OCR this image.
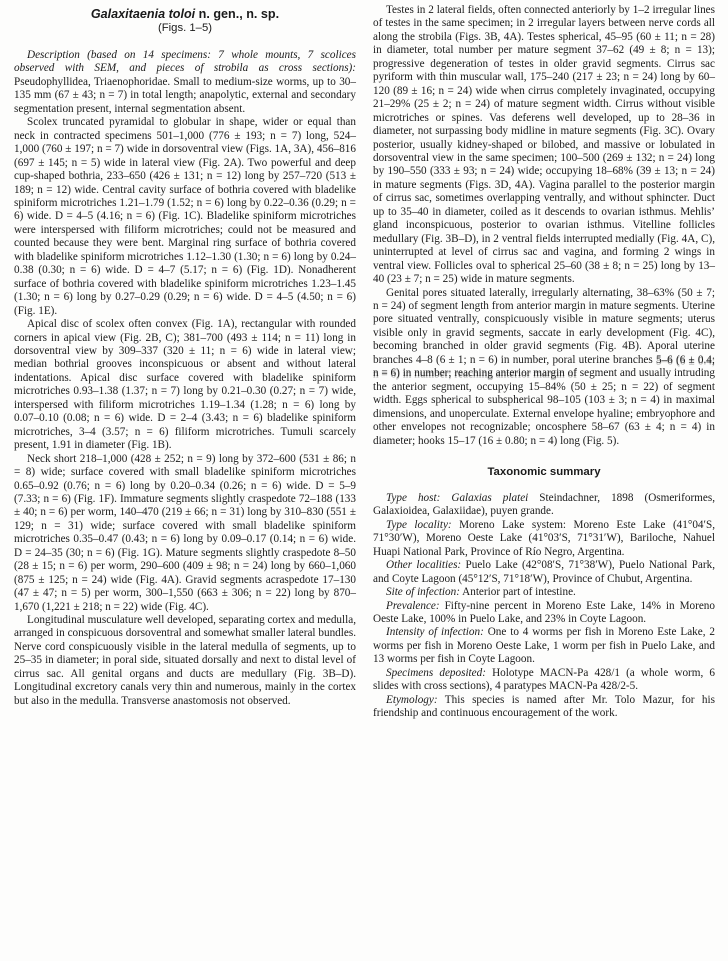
Galaxitaenia toloi n. gen., n. sp.
(Figs. 1–5)

Description (based on 14 specimens: 7 whole mounts, 7 scolices observed with SEM, and pieces of strobila as cross sections): Pseudophyllidea, Triaenophoridae. Small to medium-size worms, up to 30–135 mm (67 ± 43; n = 7) in total length; anapolytic, external and secondary segmentation present, internal segmentation absent.

Scolex truncated pyramidal to globular in shape, wider or equal than neck in contracted specimens 501–1,000 (776 ± 193; n = 7) long, 524–1,000 (760 ± 197; n = 7) wide in dorsoventral view (Figs. 1A, 3A), 456–816 (697 ± 145; n = 5) wide in lateral view (Fig. 2A). Two powerful and deep cup-shaped bothria, 233–650 (426 ± 131; n = 12) long by 257–720 (513 ± 189; n = 12) wide. Central cavity surface of bothria covered with bladelike spiniform microtriches 1.21–1.79 (1.52; n = 6) long by 0.22–0.36 (0.29; n = 6) wide. D = 4–5 (4.16; n = 6) (Fig. 1C). Bladelike spiniform microtriches were interspersed with filiform microtriches; could not be measured and counted because they were bent. Marginal ring surface of bothria covered with bladelike spiniform microtriches 1.12–1.30 (1.30; n = 6) long by 0.24–0.38 (0.30; n = 6) wide. D = 4–7 (5.17; n = 6) (Fig. 1D). Nonadherent surface of bothria covered with bladelike spiniform microtriches 1.23–1.45 (1.30; n = 6) long by 0.27–0.29 (0.29; n = 6) wide. D = 4–5 (4.50; n = 6) (Fig. 1E).

Apical disc of scolex often convex (Fig. 1A), rectangular with rounded corners in apical view (Fig. 2B, C); 381–700 (493 ± 114; n = 11) long in dorsoventral view by 309–337 (320 ± 11; n = 6) wide in lateral view; median bothrial grooves inconspicuous or absent and without lateral indentations. Apical disc surface covered with bladelike spiniform microtriches 0.93–1.38 (1.37; n = 7) long by 0.21–0.30 (0.27; n = 7) wide, interspersed with filiform microtriches 1.19–1.34 (1.28; n = 6) long by 0.07–0.10 (0.08; n = 6) wide. D = 2–4 (3.43; n = 6) bladelike spiniform microtriches, 3–4 (3.57; n = 6) filiform microtriches. Tumuli scarcely present, 1.91 in diameter (Fig. 1B).

Neck short 218–1,000 (428 ± 252; n = 9) long by 372–600 (531 ± 86; n = 8) wide; surface covered with small bladelike spiniform microtriches 0.65–0.92 (0.76; n = 6) long by 0.20–0.34 (0.26; n = 6) wide. D = 5–9 (7.33; n = 6) (Fig. 1F). Immature segments slightly craspedote 72–188 (133 ± 40; n = 6) per worm, 140–470 (219 ± 66; n = 31) long by 310–830 (551 ± 129; n = 31) wide; surface covered with small bladelike spiniform microtriches 0.35–0.47 (0.43; n = 6) long by 0.09–0.17 (0.14; n = 6) wide. D = 24–35 (30; n = 6) (Fig. 1G). Mature segments slightly craspedote 8–50 (28 ± 15; n = 6) per worm, 290–600 (409 ± 98; n = 24) long by 660–1,060 (875 ± 125; n = 24) wide (Fig. 4A). Gravid segments acraspedote 17–130 (47 ± 47; n = 5) per worm, 300–1,550 (663 ± 306; n = 22) long by 870–1,670 (1,221 ± 218; n = 22) wide (Fig. 4C).

Longitudinal musculature well developed, separating cortex and medulla, arranged in conspicuous dorsoventral and somewhat smaller lateral bundles. Nerve cord conspicuously visible in the lateral medulla of segments, up to 25–35 in diameter; in poral side, situated dorsally and next to distal level of cirrus sac. All genital organs and ducts are medullary (Fig. 3B–D). Longitudinal excretory canals very thin and numerous, mainly in the cortex but also in the medulla. Transverse anastomosis not observed.

Testes in 2 lateral fields, often connected anteriorly by 1–2 irregular lines of testes in the same specimen; in 2 irregular layers between nerve cords all along the strobila (Figs. 3B, 4A). Testes spherical, 45–95 (60 ± 11; n = 28) in diameter, total number per mature segment 37–62 (49 ± 8; n = 13); progressive degeneration of testes in older gravid segments. Cirrus sac pyriform with thin muscular wall, 175–240 (217 ± 23; n = 24) long by 60–120 (89 ± 16; n = 24) wide when cirrus completely invaginated, occupying 21–29% (25 ± 2; n = 24) of mature segment width. Cirrus without visible microtriches or spines. Vas deferens well developed, up to 28–36 in diameter, not surpassing body midline in mature segments (Fig. 3C). Ovary posterior, usually kidney-shaped or bilobed, and massive or lobulated in dorsoventral view in the same specimen; 100–500 (269 ± 132; n = 24) long by 190–550 (333 ± 93; n = 24) wide; occupying 18–68% (39 ± 13; n = 24) in mature segments (Figs. 3D, 4A). Vagina parallel to the posterior margin of cirrus sac, sometimes overlapping ventrally, and without sphincter. Duct up to 35–40 in diameter, coiled as it descends to ovarian isthmus. Mehlis’ gland inconspicuous, posterior to ovarian isthmus. Vitelline follicles medullary (Fig. 3B–D), in 2 ventral fields interrupted medially (Fig. 4A, C), uninterrupted at level of cirrus sac and vagina, and forming 2 wings in ventral view. Follicles oval to spherical 25–60 (38 ± 8; n = 25) long by 13–40 (23 ± 7; n = 25) wide in mature segments.

Genital pores situated laterally, irregularly alternating, 38–63% (50 ± 7; n = 24) of segment length from anterior margin in mature segments. Uterine pore situated ventrally, conspicuously visible in mature segments; uterus visible only in gravid segments, saccate in early development (Fig. 4C), becoming branched in older gravid segments (Fig. 4B). Aporal uterine branches 4–8 (6 ± 1; n = 6) in number, poral uterine branches 5–6 (6 ± 0.4; n = 6) in number; reaching anterior margin of segment and usually intruding the anterior segment, occupying 15–84% (50 ± 25; n = 22) of segment width. Eggs spherical to subspherical 98–105 (103 ± 3; n = 4) in maximal dimensions, and unoperculate. External envelope hyaline; embryophore and other envelopes not recognizable; oncosphere 58–67 (63 ± 4; n = 4) in diameter; hooks 15–17 (16 ± 0.80; n = 4) long (Fig. 5).

Taxonomic summary

Type host: Galaxias platei Steindachner, 1898 (Osmeriformes, Galaxioidea, Galaxiidae), puyen grande.

Type locality: Moreno Lake system: Moreno Este Lake (41°04′S, 71°30′W), Moreno Oeste Lake (41°03′S, 71°31′W), Bariloche, Nahuel Huapi National Park, Province of Río Negro, Argentina.

Other localities: Puelo Lake (42°08′S, 71°38′W), Puelo National Park, and Coyte Lagoon (45°12′S, 71°18′W), Province of Chubut, Argentina.

Site of infection: Anterior part of intestine.

Prevalence: Fifty-nine percent in Moreno Este Lake, 14% in Moreno Oeste Lake, 100% in Puelo Lake, and 23% in Coyte Lagoon.

Intensity of infection: One to 4 worms per fish in Moreno Este Lake, 2 worms per fish in Moreno Oeste Lake, 1 worm per fish in Puelo Lake, and 13 worms per fish in Coyte Lagoon.

Specimens deposited: Holotype MACN-Pa 428/1 (a whole worm, 6 slides with cross sections), 4 paratypes MACN-Pa 428/2-5.

Etymology: This species is named after Mr. Tolo Mazur, for his friendship and continuous encouragement of the work.
